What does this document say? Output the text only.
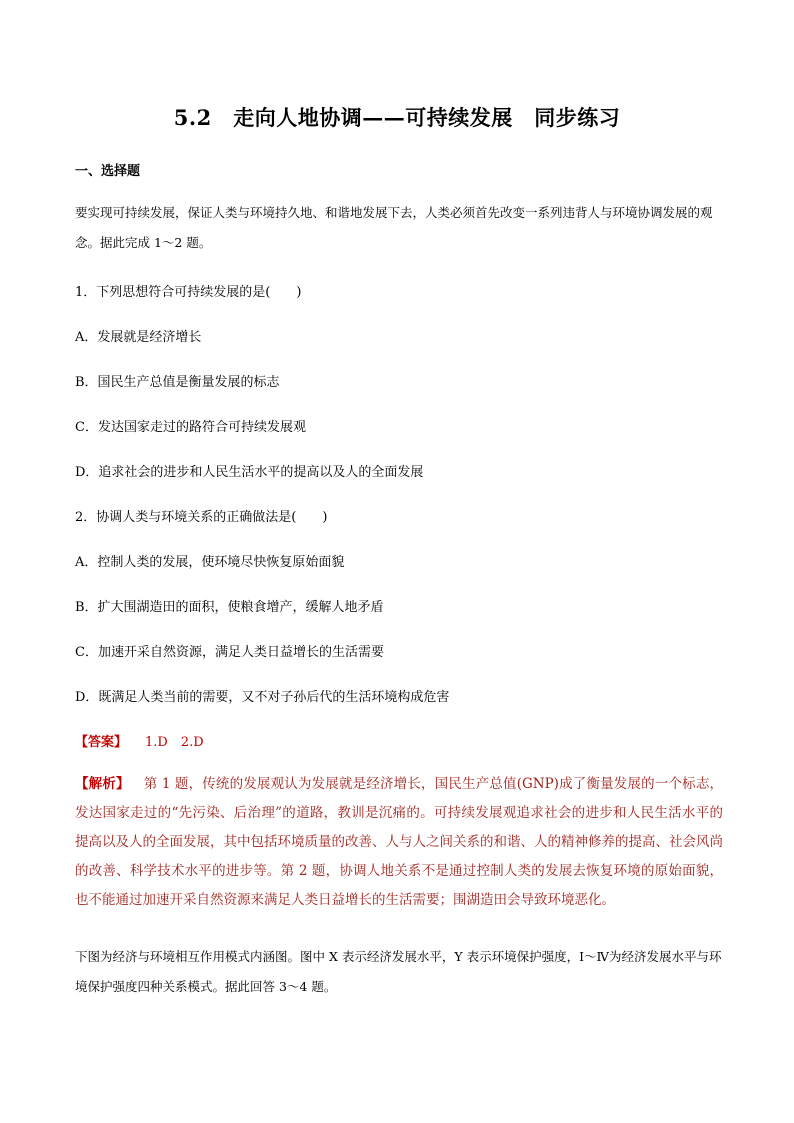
5.2　走向人地协调——可持续发展　同步练习
一、选择题
要实现可持续发展，保证人类与环境持久地、和谐地发展下去，人类必须首先改变一系列违背人与环境协调发展的观念。据此完成 1～2 题。
1．下列思想符合可持续发展的是(　　)
A．发展就是经济增长
B．国民生产总值是衡量发展的标志
C．发达国家走过的路符合可持续发展观
D．追求社会的进步和人民生活水平的提高以及人的全面发展
2．协调人类与环境关系的正确做法是(　　)
A．控制人类的发展，使环境尽快恢复原始面貌
B．扩大围湖造田的面积，使粮食增产，缓解人地矛盾
C．加速开采自然资源，满足人类日益增长的生活需要
D．既满足人类当前的需要，又不对子孙后代的生活环境构成危害
【答案】 1.D　2.D
【解析】 第 1 题，传统的发展观认为发展就是经济增长，国民生产总值(GNP)成了衡量发展的一个标志，发达国家走过的“先污染、后治理”的道路，教训是沉痛的。可持续发展观追求社会的进步和人民生活水平的提高以及人的全面发展，其中包括环境质量的改善、人与人之间关系的和谐、人的精神修养的提高、社会风尚的改善、科学技术水平的进步等。第 2 题，协调人地关系不是通过控制人类的发展去恢复环境的原始面貌，也不能通过加速开采自然资源来满足人类日益增长的生活需要；围湖造田会导致环境恶化。
下图为经济与环境相互作用模式内涵图。图中 X 表示经济发展水平，Y 表示环境保护强度，Ⅰ～Ⅳ为经济发展水平与环境保护强度四种关系模式。据此回答 3～4 题。
